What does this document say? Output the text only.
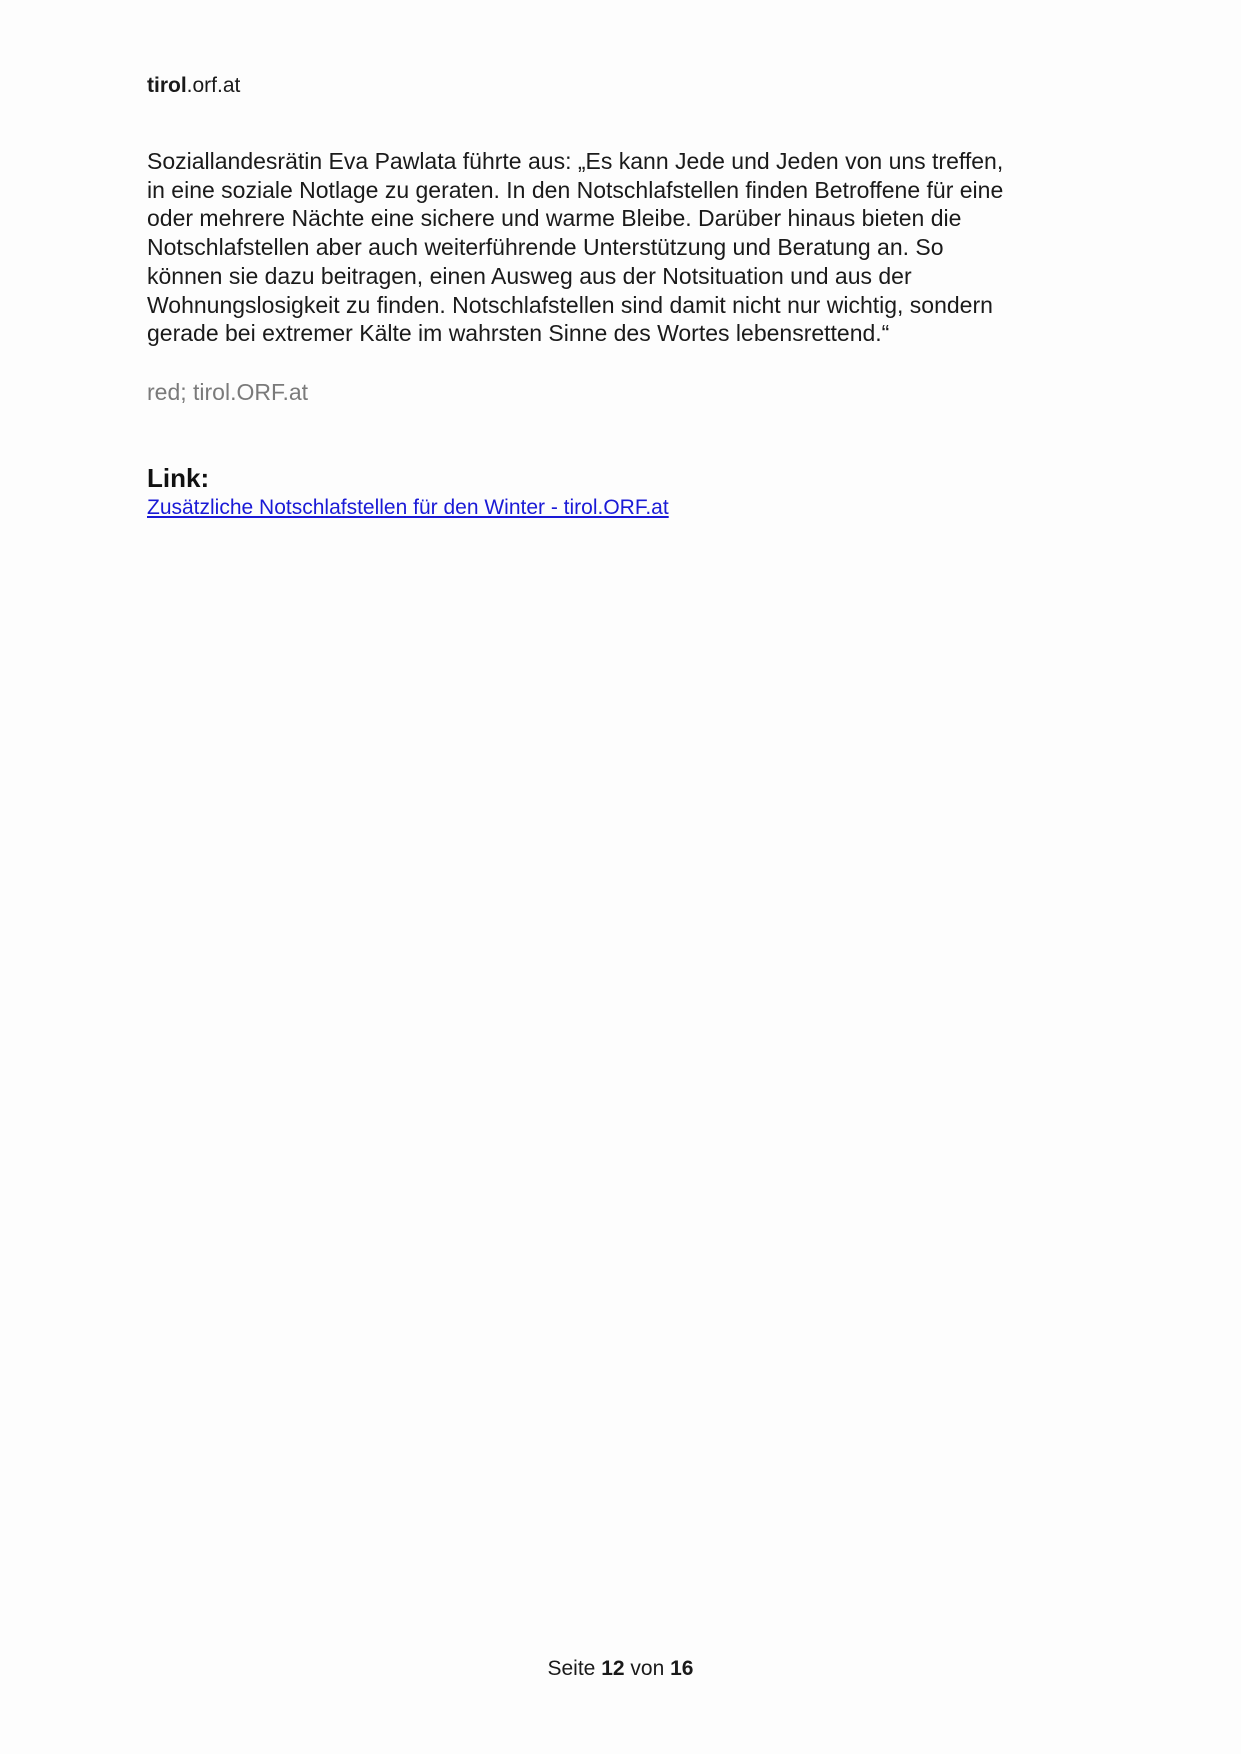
tirol.orf.at
Soziallandesrätin Eva Pawlata führte aus: „Es kann Jede und Jeden von uns treffen,
in eine soziale Notlage zu geraten. In den Notschlafstellen finden Betroffene für eine
oder mehrere Nächte eine sichere und warme Bleibe. Darüber hinaus bieten die
Notschlafstellen aber auch weiterführende Unterstützung und Beratung an. So
können sie dazu beitragen, einen Ausweg aus der Notsituation und aus der
Wohnungslosigkeit zu finden. Notschlafstellen sind damit nicht nur wichtig, sondern
gerade bei extremer Kälte im wahrsten Sinne des Wortes lebensrettend.“
red; tirol.ORF.at
Link:
Zusätzliche Notschlafstellen für den Winter - tirol.ORF.at
Seite 12 von 16
